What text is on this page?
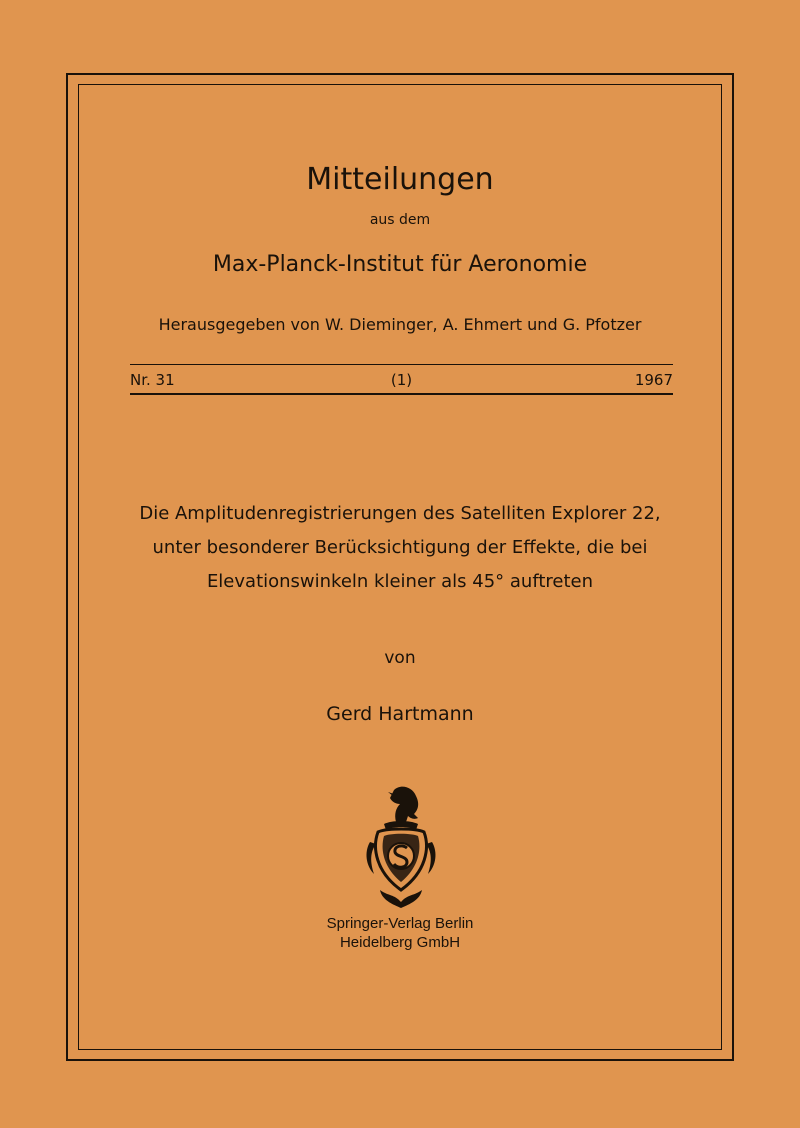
Mitteilungen
aus dem
Max-Planck-Institut für Aeronomie
Herausgegeben von W. Dieminger, A. Ehmert und G. Pfotzer
Nr. 31	(1)	1967
Die Amplitudenregistrierungen des Satelliten Explorer 22,
unter besonderer Berücksichtigung der Effekte, die bei
Elevationswinkeln kleiner als 45° auftreten
von
Gerd Hartmann
Springer-Verlag Berlin
Heidelberg GmbH
